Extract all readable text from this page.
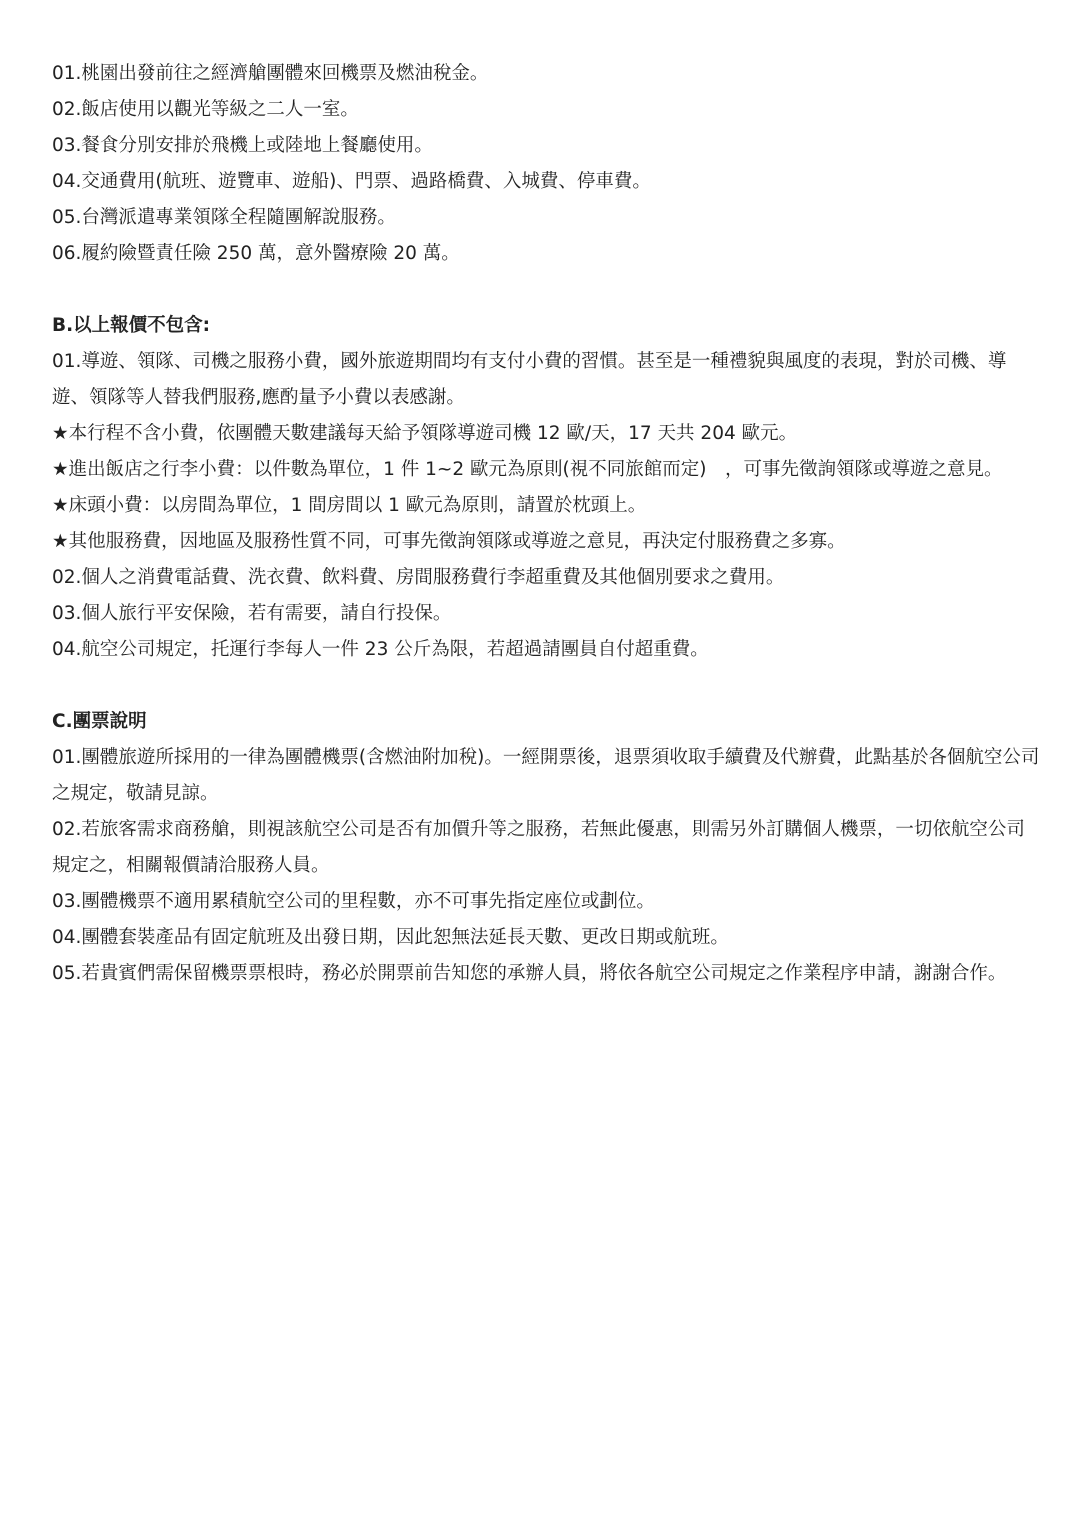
01.桃園出發前往之經濟艙團體來回機票及燃油稅金。

02.飯店使用以觀光等級之二人一室。

03.餐食分別安排於飛機上或陸地上餐廳使用。

04.交通費用(航班、遊覽車、遊船)、門票、過路橋費、入城費、停車費。

05.台灣派遣專業領隊全程隨團解說服務。

06.履約險暨責任險 250 萬，意外醫療險 20 萬。

B.以上報價不包含:

01.導遊、領隊、司機之服務小費，國外旅遊期間均有支付小費的習慣。甚至是一種禮貌與風度的表現，對於司機、導遊、領隊等人替我們服務,應酌量予小費以表感謝。

★本行程不含小費，依團體天數建議每天給予領隊導遊司機 12 歐/天，17 天共 204 歐元。

★進出飯店之行李小費：以件數為單位，1 件 1~2 歐元為原則(視不同旅館而定)　，可事先徵詢領隊或導遊之意見。

★床頭小費：以房間為單位，1 間房間以 1 歐元為原則，請置於枕頭上。

★其他服務費，因地區及服務性質不同，可事先徵詢領隊或導遊之意見，再決定付服務費之多寡。

02.個人之消費電話費、洗衣費、飲料費、房間服務費行李超重費及其他個別要求之費用。

03.個人旅行平安保險，若有需要，請自行投保。

04.航空公司規定，托運行李每人一件 23 公斤為限，若超過請團員自付超重費。

C.團票說明

01.團體旅遊所採用的一律為團體機票(含燃油附加稅)。一經開票後，退票須收取手續費及代辦費，此點基於各個航空公司之規定，敬請見諒。

02.若旅客需求商務艙，則視該航空公司是否有加價升等之服務，若無此優惠，則需另外訂購個人機票，一切依航空公司規定之，相關報價請洽服務人員。

03.團體機票不適用累積航空公司的里程數，亦不可事先指定座位或劃位。

04.團體套裝產品有固定航班及出發日期，因此恕無法延長天數、更改日期或航班。

05.若貴賓們需保留機票票根時，務必於開票前告知您的承辦人員，將依各航空公司規定之作業程序申請，謝謝合作。
